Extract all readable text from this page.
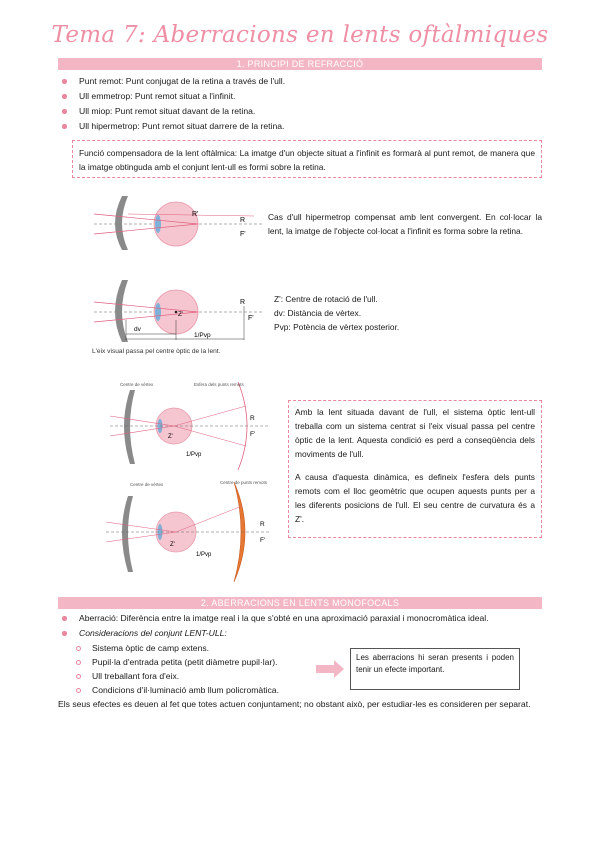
Tema 7: Aberracions en lents oftàlmiques
1. PRINCIPI DE REFRACCIÓ
Punt remot: Punt conjugat de la retina a través de l'ull.
Ull emmetrop: Punt remot situat a l'infinit.
Ull miop: Punt remot situat davant de la retina.
Ull hipermetrop: Punt remot situat darrere de la retina.
Funció compensadora de la lent oftàlmica: La imatge d'un objecte situat a l'infinit es formarà al punt remot, de manera que la imatge obtinguda amb el conjunt lent-ull es formi sobre la retina.
R'
R
F'
Cas d'ull hipermetrop compensat amb lent convergent. En col·locar la lent, la imatge de l'objecte col·locat a l'infinit es forma sobre la retina.
Z'
dv
1/Pvp
R
F'
L'eix visual passa pel centre òptic de la lent.
Z': Centre de rotació de l'ull.
dv: Distància de vèrtex.
Pvp: Potència de vèrtex posterior.
Centre de vèrtex	Esfera dels punts remots
Z'
1/Pvp
R
F'
Centre de vèrtex	Centre de punts remots
Z'
1/Pvp
R
F'
Amb la lent situada davant de l'ull, el sistema òptic lent-ull treballa com un sistema centrat si l'eix visual passa pel centre òptic de la lent. Aquesta condició es perd a conseqüència dels moviments de l'ull.
A causa d'aquesta dinàmica, es defineix l'esfera dels punts remots com el lloc geomètric que ocupen aquests punts per a les diferents posicions de l'ull. El seu centre de curvatura és a Z'.
2. ABERRACIONS EN LENTS MONOFOCALS
Aberració: Diferència entre la imatge real i la que s'obté en una aproximació paraxial i monocromàtica ideal.
Consideracions del conjunt LENT-ULL:
Sistema òptic de camp extens.
Pupil·la d'entrada petita (petit diàmetre pupil·lar).
Ull treballant fora d'eix.
Condicions d'il·luminació amb llum policromàtica.
Les aberracions hi seran presents i poden tenir un efecte important.
Els seus efectes es deuen al fet que totes actuen conjuntament; no obstant això, per estudiar-les es consideren per separat.
